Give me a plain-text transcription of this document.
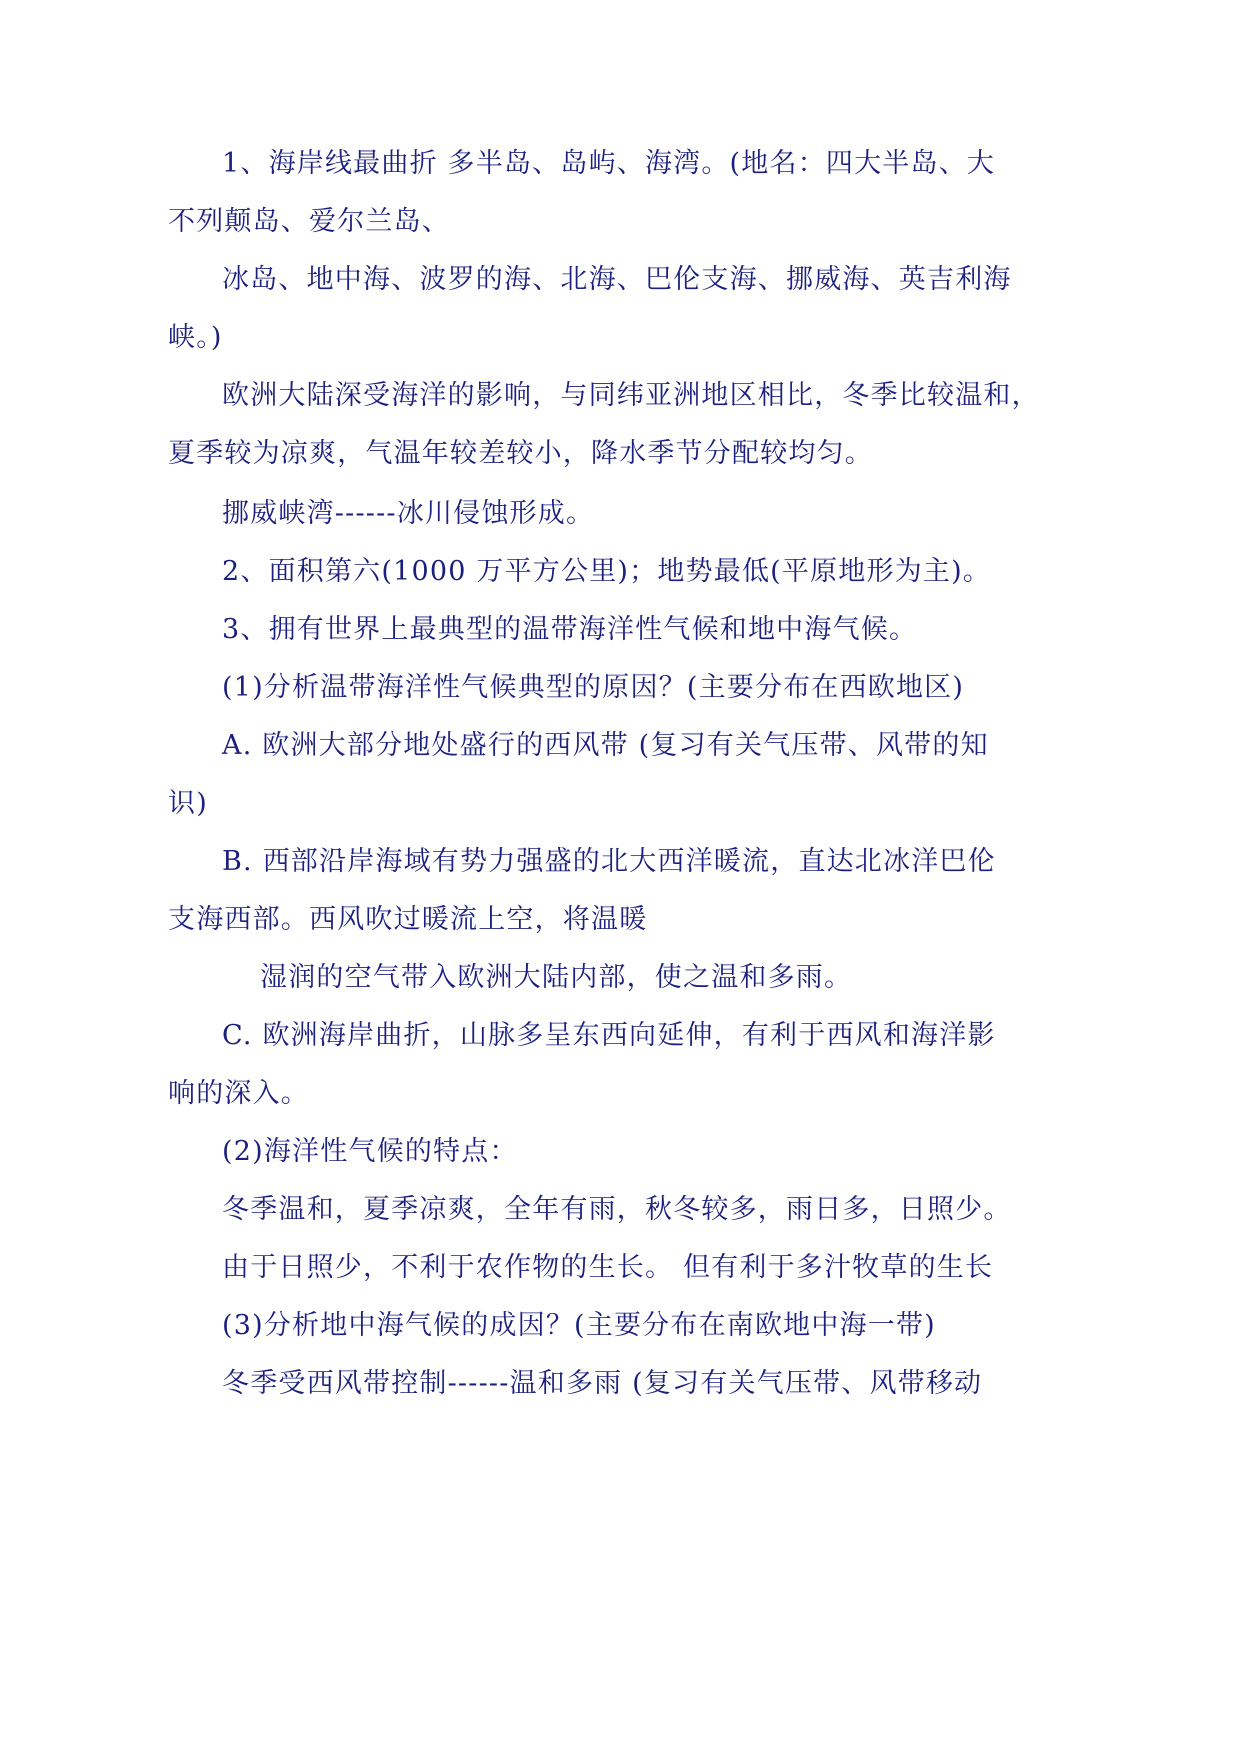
1、海岸线最曲折 多半岛、岛屿、海湾。(地名：四大半岛、大
不列颠岛、爱尔兰岛、
冰岛、地中海、波罗的海、北海、巴伦支海、挪威海、英吉利海
峡。)
欧洲大陆深受海洋的影响，与同纬亚洲地区相比，冬季比较温和，
夏季较为凉爽，气温年较差较小，降水季节分配较均匀。
挪威峡湾------冰川侵蚀形成。
2、面积第六(1000 万平方公里)；地势最低(平原地形为主)。
3、拥有世界上最典型的温带海洋性气候和地中海气候。
(1)分析温带海洋性气候典型的原因？(主要分布在西欧地区)
A. 欧洲大部分地处盛行的西风带 (复习有关气压带、风带的知
识)
B. 西部沿岸海域有势力强盛的北大西洋暖流，直达北冰洋巴伦
支海西部。西风吹过暖流上空，将温暖
湿润的空气带入欧洲大陆内部，使之温和多雨。
C. 欧洲海岸曲折，山脉多呈东西向延伸，有利于西风和海洋影
响的深入。
(2)海洋性气候的特点：
冬季温和，夏季凉爽，全年有雨，秋冬较多，雨日多，日照少。
由于日照少，不利于农作物的生长。 但有利于多汁牧草的生长
(3)分析地中海气候的成因？(主要分布在南欧地中海一带)
冬季受西风带控制------温和多雨 (复习有关气压带、风带移动
